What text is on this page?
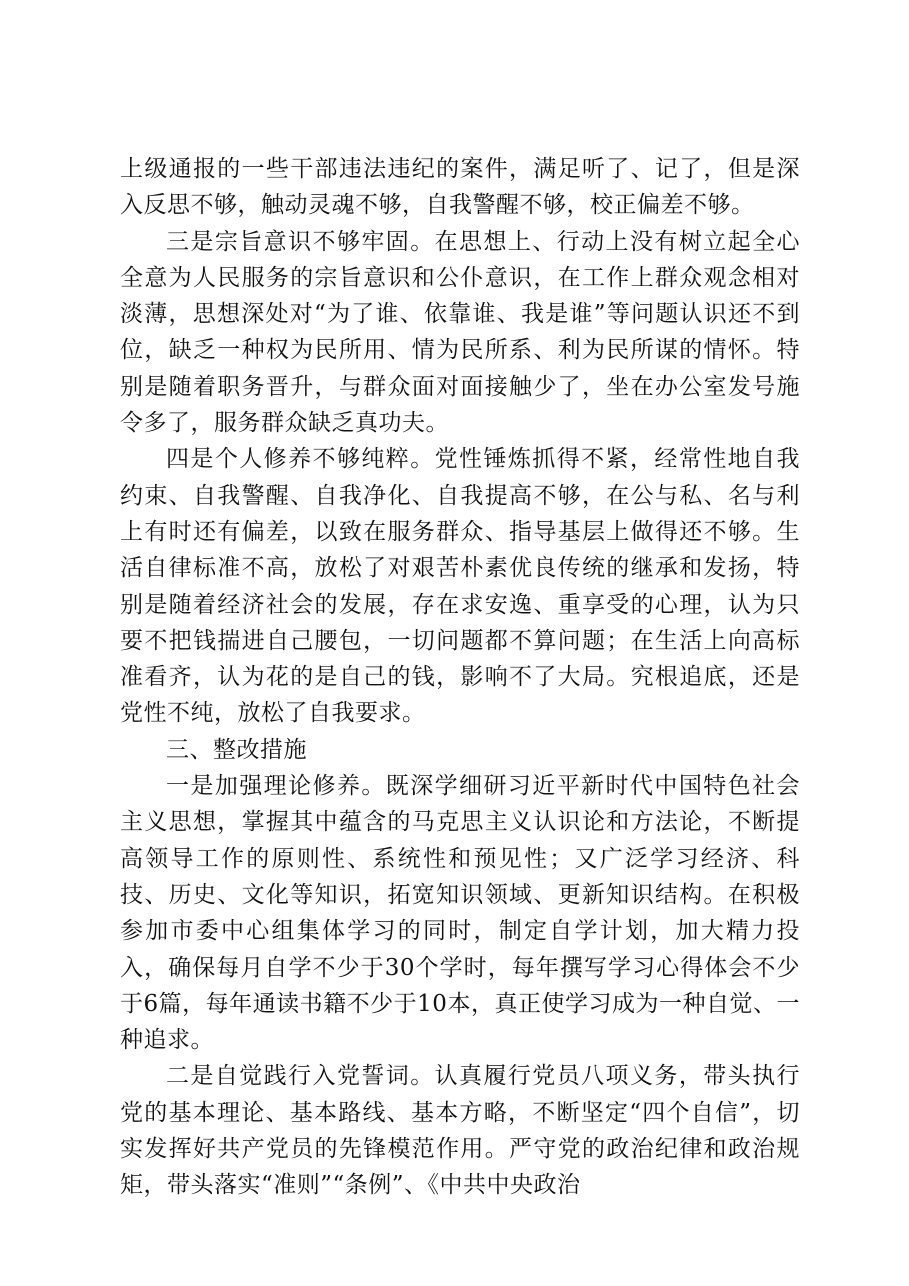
上级通报的一些干部违法违纪的案件，满足听了、记了，但是深入反思不够，触动灵魂不够，自我警醒不够，校正偏差不够。

三是宗旨意识不够牢固。在思想上、行动上没有树立起全心全意为人民服务的宗旨意识和公仆意识，在工作上群众观念相对淡薄，思想深处对“为了谁、依靠谁、我是谁”等问题认识还不到位，缺乏一种权为民所用、情为民所系、利为民所谋的情怀。特别是随着职务晋升，与群众面对面接触少了，坐在办公室发号施令多了，服务群众缺乏真功夫。

四是个人修养不够纯粹。党性锤炼抓得不紧，经常性地自我约束、自我警醒、自我净化、自我提高不够，在公与私、名与利上有时还有偏差，以致在服务群众、指导基层上做得还不够。生活自律标准不高，放松了对艰苦朴素优良传统的继承和发扬，特别是随着经济社会的发展，存在求安逸、重享受的心理，认为只要不把钱揣进自己腰包，一切问题都不算问题；在生活上向高标准看齐，认为花的是自己的钱，影响不了大局。究根追底，还是党性不纯，放松了自我要求。

三、整改措施

一是加强理论修养。既深学细研习近平新时代中国特色社会主义思想，掌握其中蕴含的马克思主义认识论和方法论，不断提高领导工作的原则性、系统性和预见性；又广泛学习经济、科技、历史、文化等知识，拓宽知识领域、更新知识结构。在积极参加市委中心组集体学习的同时，制定自学计划，加大精力投入，确保每月自学不少于30个学时，每年撰写学习心得体会不少于6篇，每年通读书籍不少于10本，真正使学习成为一种自觉、一种追求。

二是自觉践行入党誓词。认真履行党员八项义务，带头执行党的基本理论、基本路线、基本方略，不断坚定“四个自信”，切实发挥好共产党员的先锋模范作用。严守党的政治纪律和政治规矩，带头落实“准则”“条例”、《中共中央政治
